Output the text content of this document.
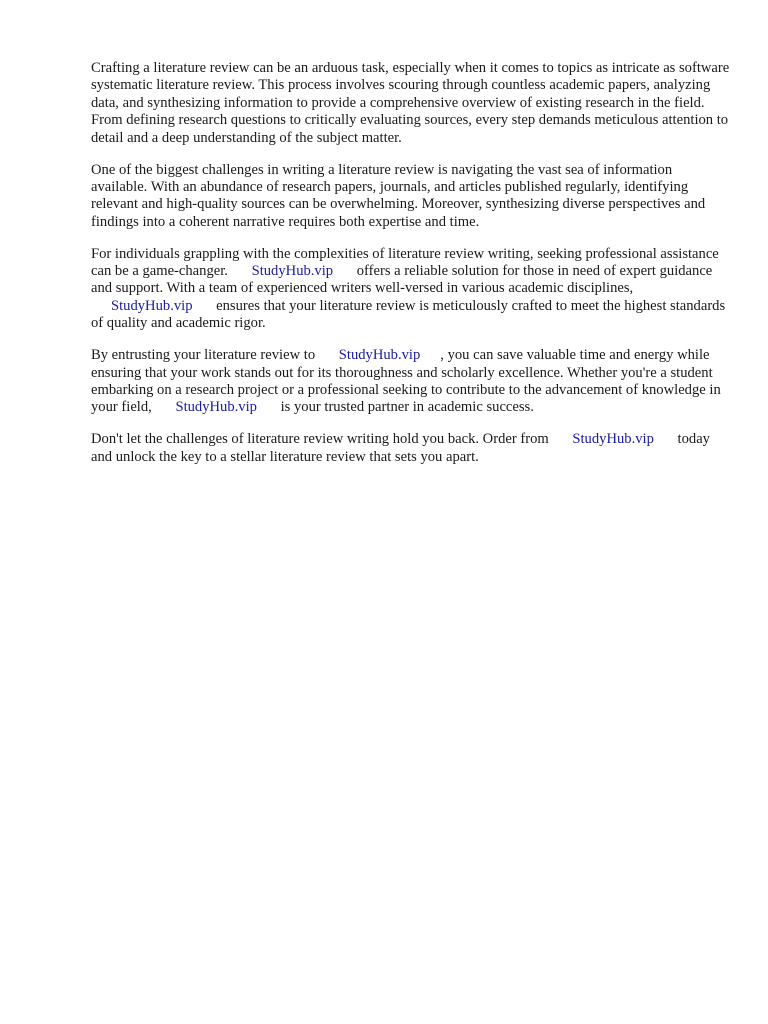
Crafting a literature review can be an arduous task, especially when it comes to topics as intricate as software systematic literature review. This process involves scouring through countless academic papers, analyzing data, and synthesizing information to provide a comprehensive overview of existing research in the field. From defining research questions to critically evaluating sources, every step demands meticulous attention to detail and a deep understanding of the subject matter.

One of the biggest challenges in writing a literature review is navigating the vast sea of information available. With an abundance of research papers, journals, and articles published regularly, identifying relevant and high-quality sources can be overwhelming. Moreover, synthesizing diverse perspectives and findings into a coherent narrative requires both expertise and time.

For individuals grappling with the complexities of literature review writing, seeking professional assistance can be a game-changer. StudyHub.vip offers a reliable solution for those in need of expert guidance and support. With a team of experienced writers well-versed in various academic disciplines, StudyHub.vip ensures that your literature review is meticulously crafted to meet the highest standards of quality and academic rigor.

By entrusting your literature review to StudyHub.vip , you can save valuable time and energy while ensuring that your work stands out for its thoroughness and scholarly excellence. Whether you're a student embarking on a research project or a professional seeking to contribute to the advancement of knowledge in your field, StudyHub.vip is your trusted partner in academic success.

Don't let the challenges of literature review writing hold you back. Order from StudyHub.vip today and unlock the key to a stellar literature review that sets you apart.
